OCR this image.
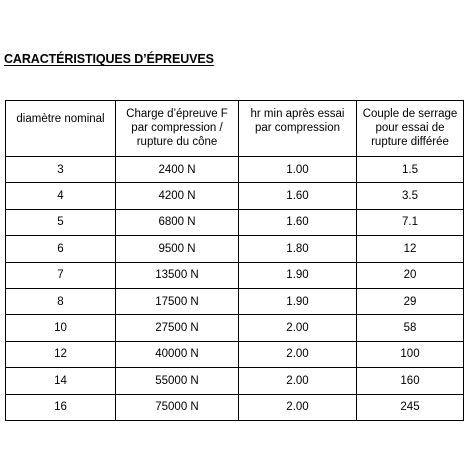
CARACTÉRISTIQUES D’ÉPREUVES
diamètre nominal	Charge d’épreuve F par compression / rupture du cône	hr min après essai par compression	Couple de serrage pour essai de rupture différée
3	2400 N	1.00	1.5
4	4200 N	1.60	3.5
5	6800 N	1.60	7.1
6	9500 N	1.80	12
7	13500 N	1.90	20
8	17500 N	1.90	29
10	27500 N	2.00	58
12	40000 N	2.00	100
14	55000 N	2.00	160
16	75000 N	2.00	245
